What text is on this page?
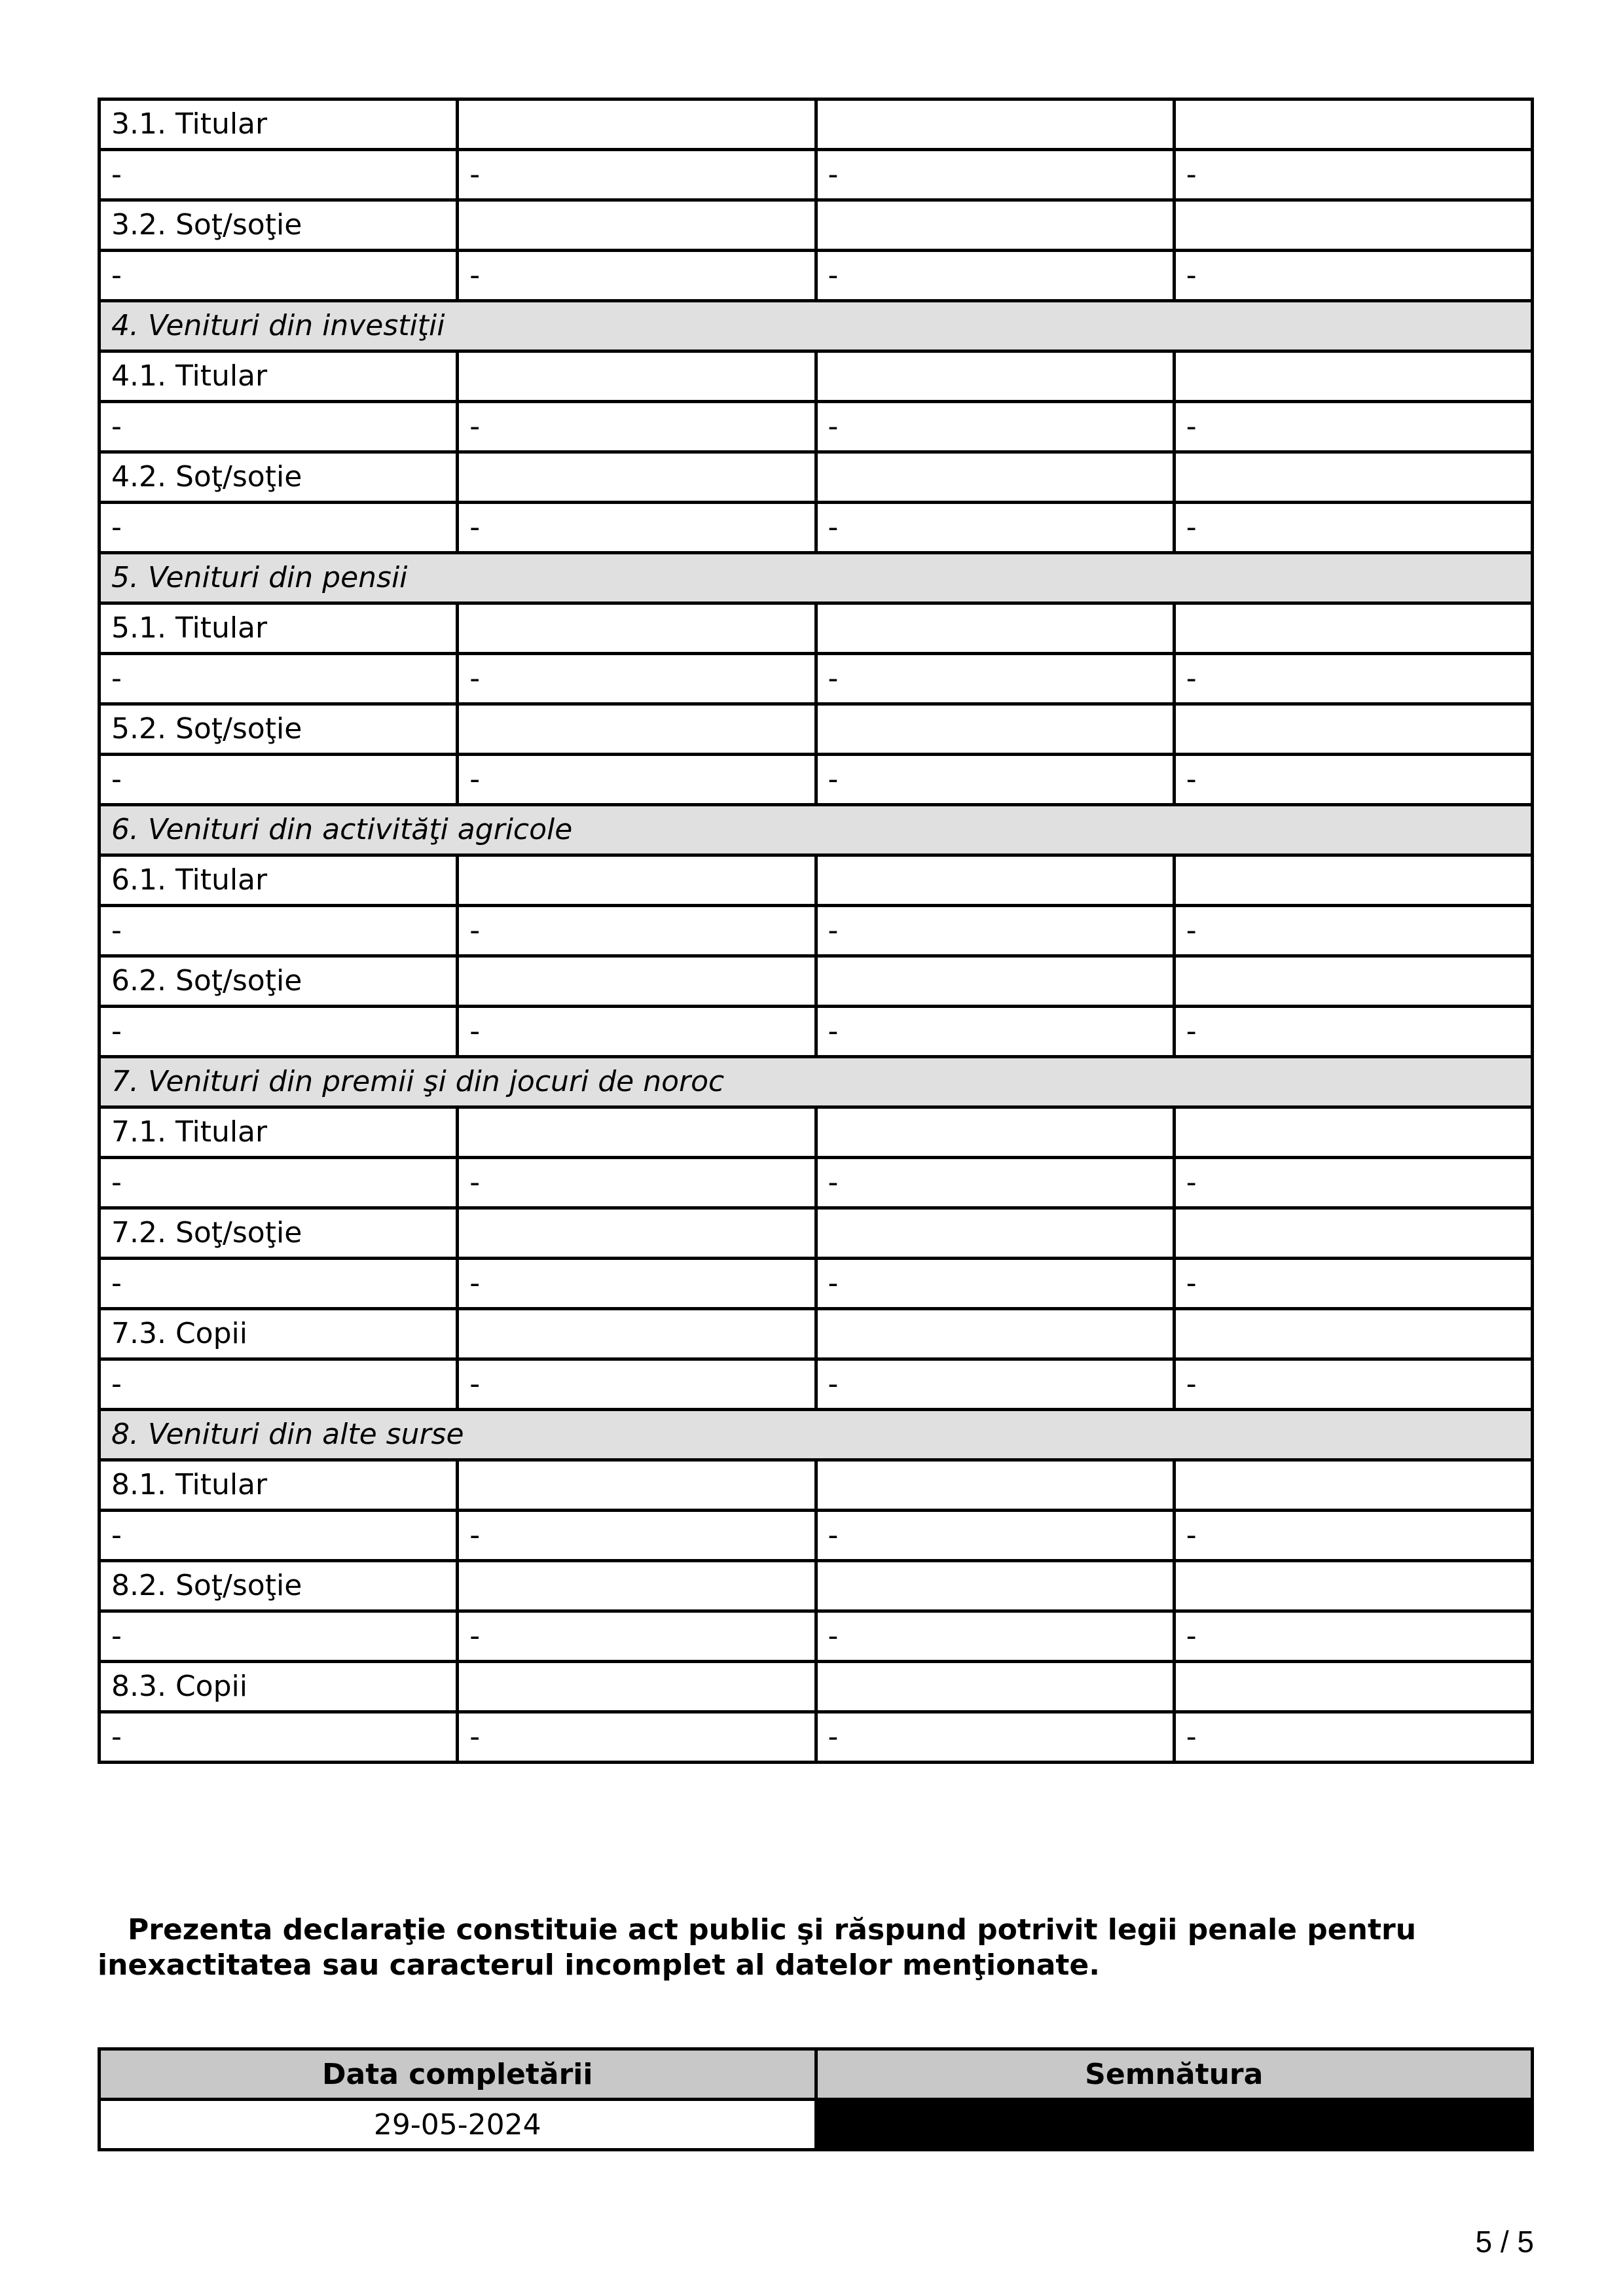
3.1. Titular			
-	-	-	-
3.2. Soţ/soţie			
-	-	-	-
4. Venituri din investiţii			
4.1. Titular			
-	-	-	-
4.2. Soţ/soţie			
-	-	-	-
5. Venituri din pensii			
5.1. Titular			
-	-	-	-
5.2. Soţ/soţie			
-	-	-	-
6. Venituri din activităţi agricole			
6.1. Titular			
-	-	-	-
6.2. Soţ/soţie			
-	-	-	-
7. Venituri din premii şi din jocuri de noroc			
7.1. Titular			
-	-	-	-
7.2. Soţ/soţie			
-	-	-	-
7.3. Copii			
-	-	-	-
8. Venituri din alte surse			
8.1. Titular			
-	-	-	-
8.2. Soţ/soţie			
-	-	-	-
8.3. Copii			
-	-	-	-

Prezenta declaraţie constituie act public şi răspund potrivit legii penale pentru inexactitatea sau caracterul incomplet al datelor menţionate.

Data completării	Semnătura
29-05-2024	
5 / 5
